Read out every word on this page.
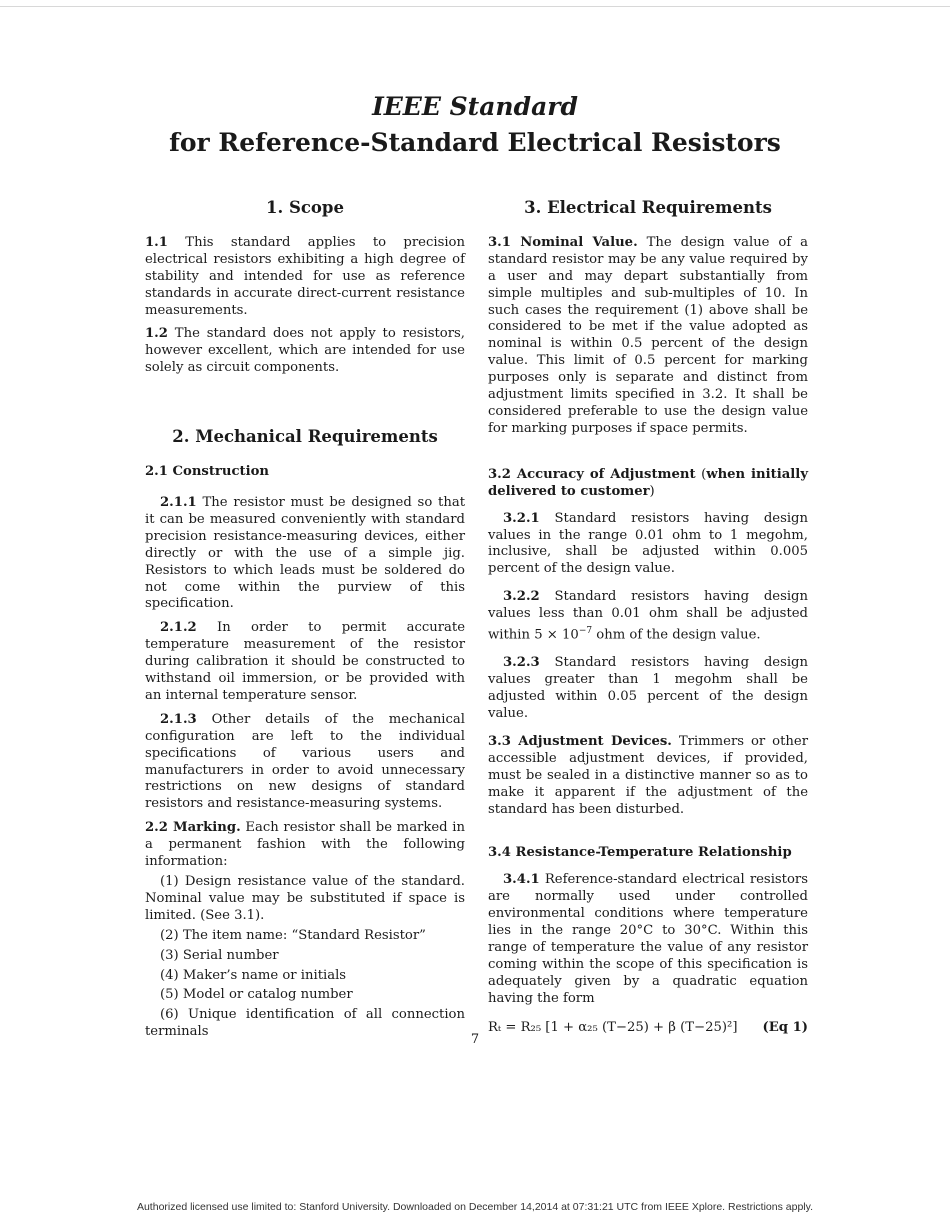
IEEE Standard
for Reference-Standard Electrical Resistors
1. Scope

1.1 This standard applies to precision electrical resistors exhibiting a high degree of stability and intended for use as reference standards in accurate direct-current resistance measurements.

1.2 The standard does not apply to resistors, however excellent, which are intended for use solely as circuit components.

2. Mechanical Requirements
2.1 Construction

2.1.1 The resistor must be designed so that it can be measured conveniently with standard precision resistance-measuring devices, either directly or with the use of a simple jig. Resistors to which leads must be soldered do not come within the purview of this specification.

2.1.2 In order to permit accurate temperature measurement of the resistor during calibration it should be constructed to withstand oil immersion, or be provided with an internal temperature sensor.

2.1.3 Other details of the mechanical configuration are left to the individual specifications of various users and manufacturers in order to avoid unnecessary restrictions on new designs of standard resistors and resistance-measuring systems.

2.2 Marking. Each resistor shall be marked in a permanent fashion with the following information:

(1) Design resistance value of the standard. Nominal value may be substituted if space is limited. (See 3.1).
(2) The item name: “Standard Resistor”
(3) Serial number
(4) Maker’s name or initials
(5) Model or catalog number
(6) Unique identification of all connection terminals
3. Electrical Requirements

3.1 Nominal Value. The design value of a standard resistor may be any value required by a user and may depart substantially from simple multiples and sub-multiples of 10. In such cases the requirement (1) above shall be considered to be met if the value adopted as nominal is within 0.5 percent of the design value. This limit of 0.5 percent for marking purposes only is separate and distinct from adjustment limits specified in 3.2. It shall be considered preferable to use the design value for marking purposes if space permits.

3.2 Accuracy of Adjustment (when initially delivered to customer)

3.2.1 Standard resistors having design values in the range 0.01 ohm to 1 megohm, inclusive, shall be adjusted within 0.005 percent of the design value.

3.2.2 Standard resistors having design values less than 0.01 ohm shall be adjusted within $5 \times 10^{-7}$ ohm of the design value.

3.2.3 Standard resistors having design values greater than 1 megohm shall be adjusted within 0.05 percent of the design value.

3.3 Adjustment Devices. Trimmers or other accessible adjustment devices, if provided, must be sealed in a distinctive manner so as to make it apparent if the adjustment of the standard has been disturbed.

3.4 Resistance-Temperature Relationship

3.4.1 Reference-standard electrical resistors are normally used under controlled environmental conditions where temperature lies in the range 20°C to 30°C. Within this range of temperature the value of any resistor coming within the scope of this specification is adequately given by a quadratic equation having the form

Rₜ = R₂₅ [1 + α₂₅ (T−25) + β (T−25)²] (Eq 1)
7
Authorized licensed use limited to: Stanford University. Downloaded on December 14,2014 at 07:31:21 UTC from IEEE Xplore. Restrictions apply.
